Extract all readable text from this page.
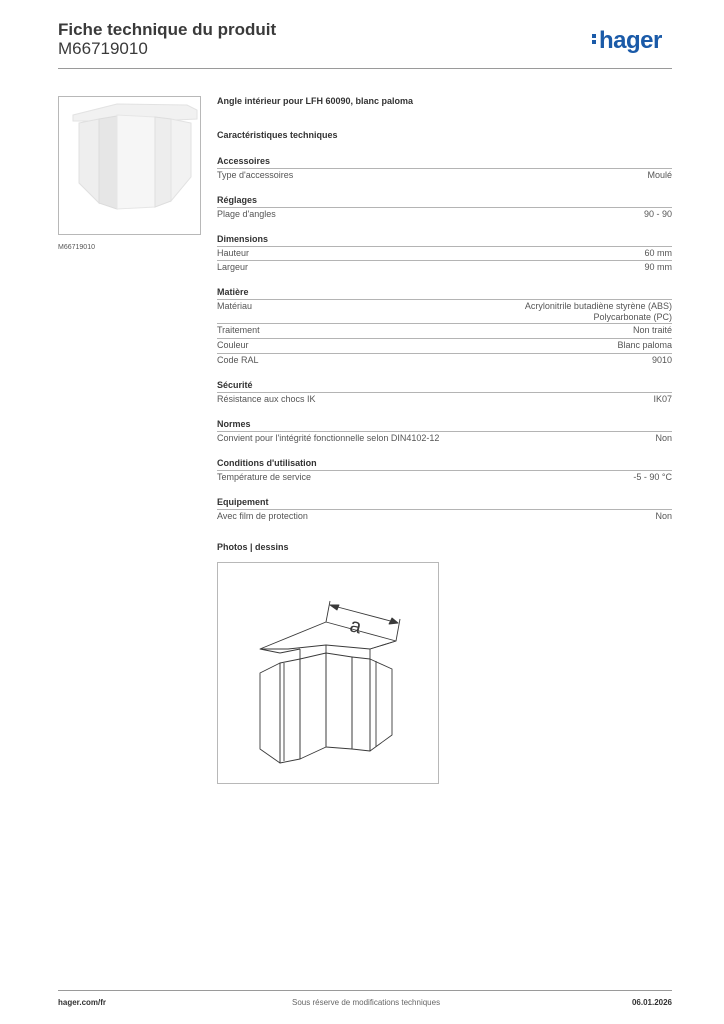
Fiche technique du produit
M66719010	hager
M66719010
Angle intérieur pour LFH 60090, blanc paloma
Caractéristiques techniques
Accessoires
Type d'accessoires	Moulé
Réglages
Plage d'angles	90 - 90
Dimensions
Hauteur	60 mm
Largeur	90 mm
Matière
Matériau	Acrylonitrile butadiène styrène (ABS)
Polycarbonate (PC)
Traitement	Non traité
Couleur	Blanc paloma
Code RAL	9010
Sécurité
Résistance aux chocs IK	IK07
Normes
Convient pour l'intégrité fonctionnelle selon DIN4102-12	Non
Conditions d'utilisation
Température de service	-5 - 90 °C
Equipement
Avec film de protection	Non
Photos | dessins
a
hager.com/fr	Sous réserve de modifications techniques	06.01.2026
